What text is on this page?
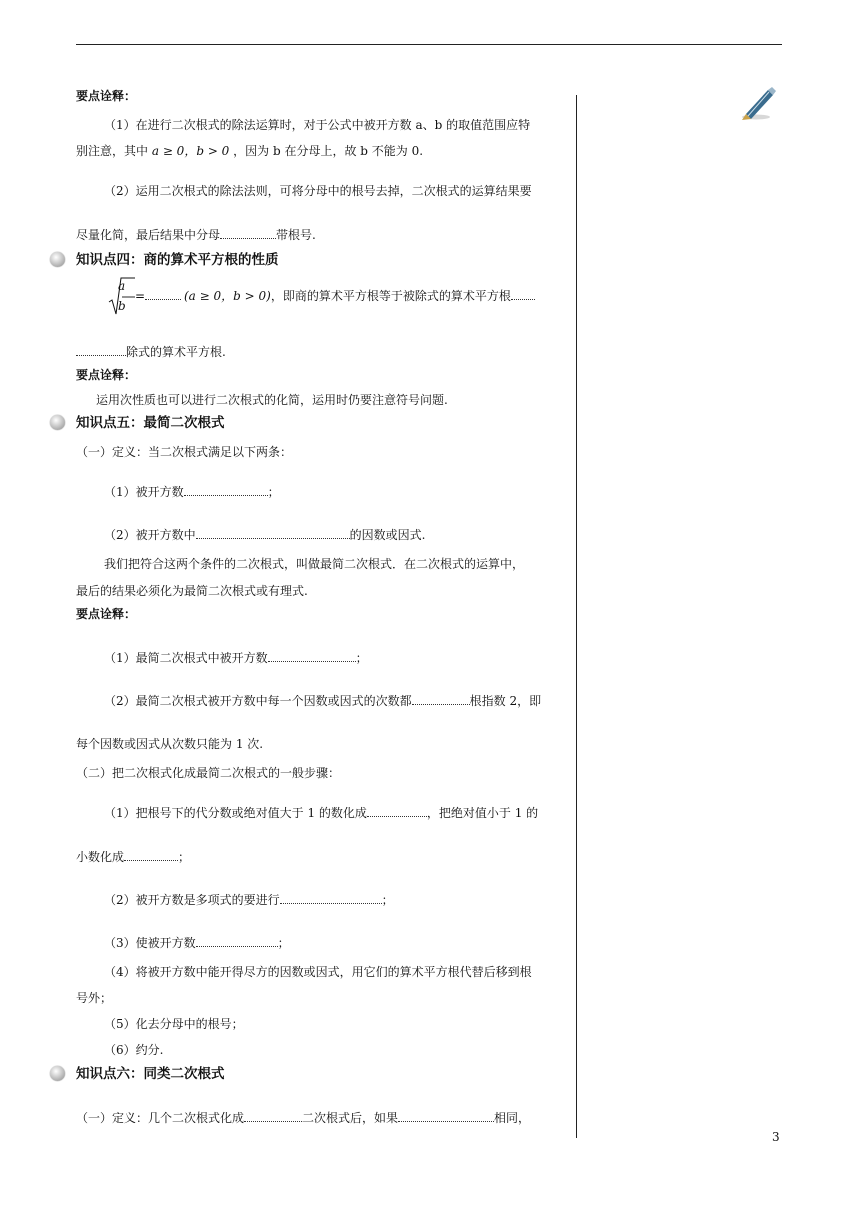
要点诠释：
（1）在进行二次根式的除法运算时，对于公式中被开方数 a、b 的取值范围应特
别注意，其中 a ≥ 0，b > 0 ，因为 b 在分母上，故 b 不能为 0.
（2）运用二次根式的除法法则，可将分母中的根号去掉，二次根式的运算结果要
尽量化简，最后结果中分母	带根号.
知识点四：商的算术平方根的性质
a
b
=	(a ≥ 0，b > 0)，即商的算术平方根等于被除式的算术平方根
除式的算术平方根.
要点诠释：
运用次性质也可以进行二次根式的化简，运用时仍要注意符号问题.
知识点五：最简二次根式
（一）定义：当二次根式满足以下两条：
（1）被开方数	；
（2）被开方数中	的因数或因式.
我们把符合这两个条件的二次根式，叫做最简二次根式．在二次根式的运算中，
最后的结果必须化为最简二次根式或有理式.
要点诠释：
（1）最简二次根式中被开方数	；
（2）最简二次根式被开方数中每一个因数或因式的次数都	根指数 2，即
每个因数或因式从次数只能为 1 次.
（二）把二次根式化成最简二次根式的一般步骤：
（1）把根号下的代分数或绝对值大于 1 的数化成	，把绝对值小于 1 的
小数化成	；
（2）被开方数是多项式的要进行	；
（3）使被开方数	；
（4）将被开方数中能开得尽方的因数或因式，用它们的算术平方根代替后移到根
号外；
（5）化去分母中的根号；
（6）约分.
知识点六：同类二次根式
（一）定义：几个二次根式化成	二次根式后，如果	相同，
3
